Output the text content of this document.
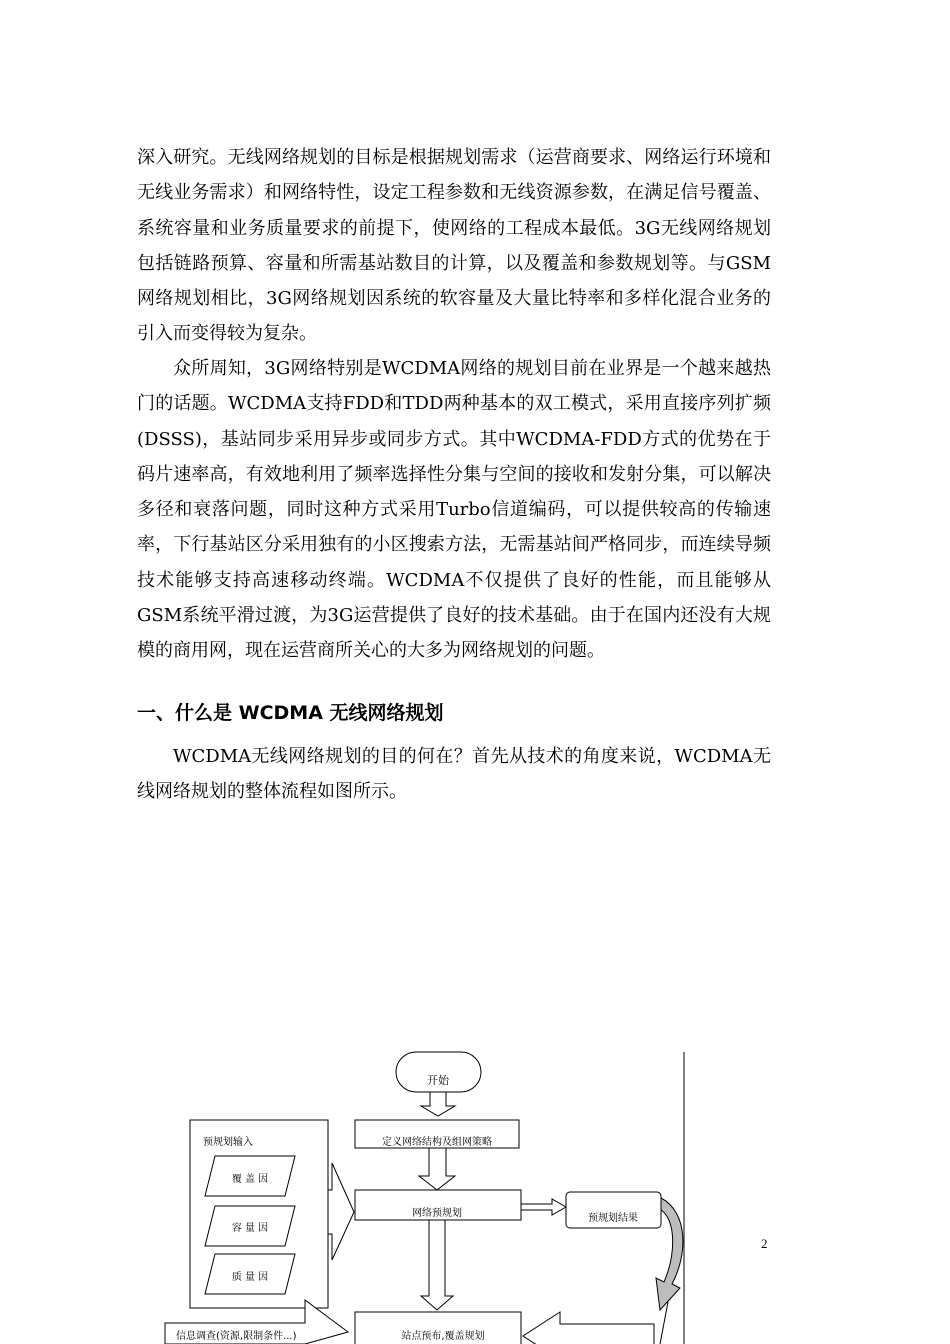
深入研究。无线网络规划的目标是根据规划需求（运营商要求、网络运行环境和无线业务需求）和网络特性，设定工程参数和无线资源参数，在满足信号覆盖、系统容量和业务质量要求的前提下，使网络的工程成本最低。3G无线网络规划包括链路预算、容量和所需基站数目的计算，以及覆盖和参数规划等。与GSM网络规划相比，3G网络规划因系统的软容量及大量比特率和多样化混合业务的引入而变得较为复杂。

众所周知，3G网络特别是WCDMA网络的规划目前在业界是一个越来越热门的话题。WCDMA支持FDD和TDD两种基本的双工模式，采用直接序列扩频(DSSS)，基站同步采用异步或同步方式。其中WCDMA-FDD方式的优势在于码片速率高，有效地利用了频率选择性分集与空间的接收和发射分集，可以解决多径和衰落问题，同时这种方式采用Turbo信道编码，可以提供较高的传输速率，下行基站区分采用独有的小区搜索方法，无需基站间严格同步，而连续导频技术能够支持高速移动终端。WCDMA不仅提供了良好的性能，而且能够从GSM系统平滑过渡，为3G运营提供了良好的技术基础。由于在国内还没有大规模的商用网，现在运营商所关心的大多为网络规划的问题。

一、什么是 WCDMA 无线网络规划

WCDMA无线网络规划的目的何在？首先从技术的角度来说，WCDMA无线网络规划的整体流程如图所示。

开始
定义网络结构及组网策略
预规划输入
覆 盖 因
容 量 因
质 量 因
网络预规划	预规划结果
信息调查(资源,限制条件...)	站点预布,覆盖规划
2
